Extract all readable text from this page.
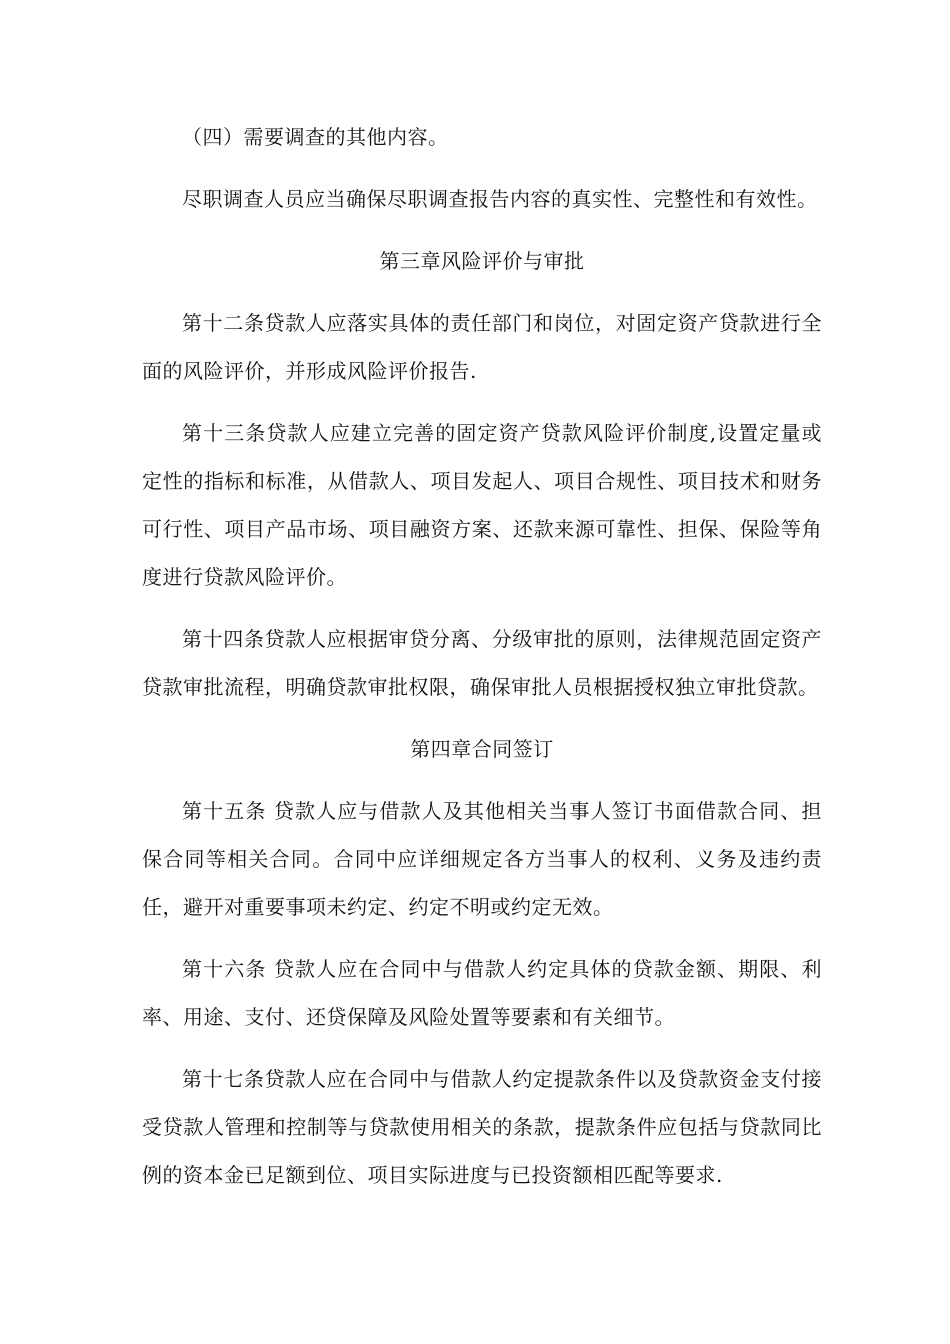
（四）需要调查的其他内容。

尽职调查人员应当确保尽职调查报告内容的真实性、完整性和有效性。

第三章风险评价与审批

第十二条贷款人应落实具体的责任部门和岗位，对固定资产贷款进行全面的风险评价，并形成风险评价报告.

第十三条贷款人应建立完善的固定资产贷款风险评价制度,设置定量或定性的指标和标准，从借款人、项目发起人、项目合规性、项目技术和财务可行性、项目产品市场、项目融资方案、还款来源可靠性、担保、保险等角度进行贷款风险评价。

第十四条贷款人应根据审贷分离、分级审批的原则，法律规范固定资产贷款审批流程，明确贷款审批权限，确保审批人员根据授权独立审批贷款。

第四章合同签订

第十五条 贷款人应与借款人及其他相关当事人签订书面借款合同、担保合同等相关合同。合同中应详细规定各方当事人的权利、义务及违约责任，避开对重要事项未约定、约定不明或约定无效。

第十六条 贷款人应在合同中与借款人约定具体的贷款金额、期限、利率、用途、支付、还贷保障及风险处置等要素和有关细节。

第十七条贷款人应在合同中与借款人约定提款条件以及贷款资金支付接受贷款人管理和控制等与贷款使用相关的条款，提款条件应包括与贷款同比例的资本金已足额到位、项目实际进度与已投资额相匹配等要求.
